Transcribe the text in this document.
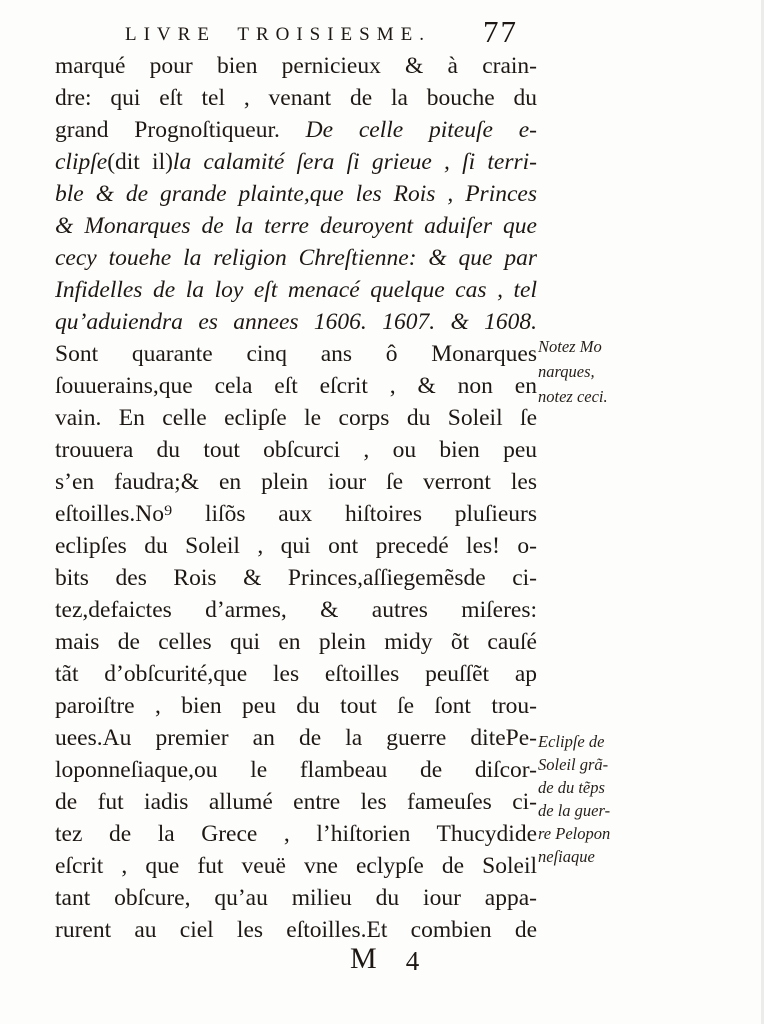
LIVRE TROISIESME. 77
marqué pour bien pernicieux & à crain-
dre: qui eſt tel , venant de la bouche du
grand Prognoſtiqueur. De celle piteuſe e-
clipſe(dit il)la calamité ſera ſi grieue , ſi terri-
ble & de grande plainte,que les Rois , Princes
& Monarques de la terre deuroyent aduiſer que
cecy touehe la religion Chreſtienne: & que par
Infidelles de la loy eſt menacé quelque cas , tel
qu’aduiendra es annees 1606. 1607. & 1608.
Sont quarante cinq ans ô Monarques
ſouuerains,que cela eſt eſcrit , & non en
vain. En celle eclipſe le corps du Soleil ſe
trouuera du tout obſcurci , ou bien peu
s’en faudra;& en plein iour ſe verront les
eſtoilles.No⁹ liſõs aux hiſtoires pluſieurs
eclipſes du Soleil , qui ont precedé les! o-
bits des Rois & Princes,aſſiegemẽsde ci-
tez,defaictes d’armes, & autres miſeres:
mais de celles qui en plein midy õt cauſé
tãt d’obſcurité,que les eſtoilles peuſſẽt ap
paroiſtre , bien peu du tout ſe ſont trou-
uees.Au premier an de la guerre ditePe-
loponneſiaque,ou le flambeau de diſcor-
de fut iadis allumé entre les fameuſes ci-
tez de la Grece , l’hiſtorien Thucydide
eſcrit , que fut veuë vne eclypſe de Soleil
tant obſcure, qu’au milieu du iour appa-
rurent au ciel les eſtoilles.Et combien de
Notez Mo
narques,
notez ceci.
Eclipſe de
Soleil grã-
de du tẽps
de la guer-
re Pelopon
neſiaque
M 4
